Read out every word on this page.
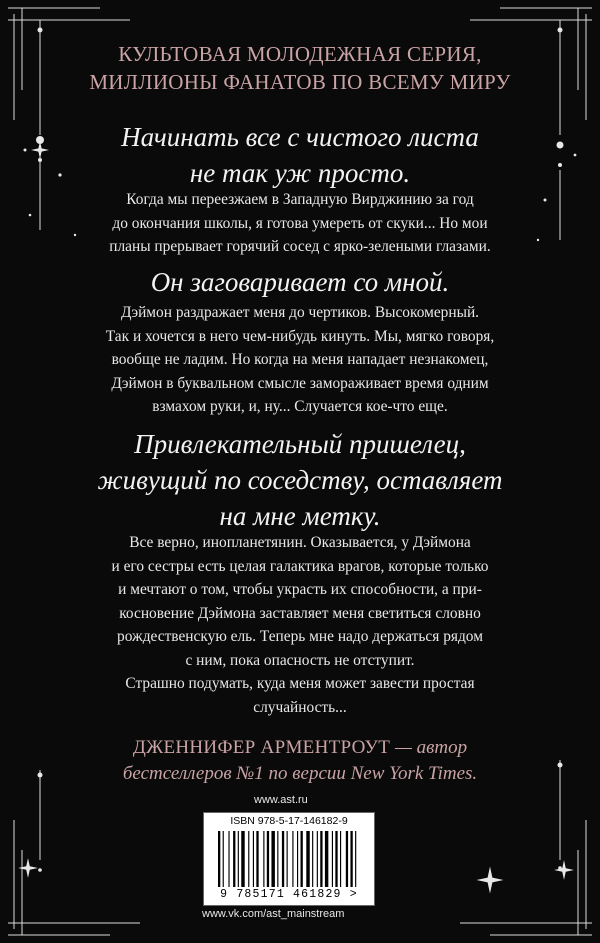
КУЛЬТОВАЯ МОЛОДЕЖНАЯ СЕРИЯ,
МИЛЛИОНЫ ФАНАТОВ ПО ВСЕМУ МИРУ
Начинать все с чистого листа
не так уж просто.

Когда мы переезжаем в Западную Вирджинию за год

до окончания школы, я готова умереть от скуки... Но мои

планы прерывает горячий сосед с ярко-зелеными глазами.

Он заговаривает со мной.

Дэймон раздражает меня до чертиков. Высокомерный.

Так и хочется в него чем-нибудь кинуть. Мы, мягко говоря,

вообще не ладим. Но когда на меня нападает незнакомец,

Дэймон в буквальном смысле замораживает время одним

взмахом руки, и, ну... Случается кое-что еще.

Привлекательный пришелец,
живущий по соседству, оставляет
на мне метку.

Все верно, инопланетянин. Оказывается, у Дэймона

и его сестры есть целая галактика врагов, которые только

и мечтают о том, чтобы украсть их способности, а при-

косновение Дэймона заставляет меня светиться словно

рождественскую ель. Теперь мне надо держаться рядом

с ним, пока опасность не отступит.

Страшно подумать, куда меня может завести простая

случайность...

ДЖЕННИФЕР АРМЕНТРОУТ — автор
бестселлеров №1 по версии New York Times.
www.ast.ru
ISBN 978-5-17-146182-9
9 785171 461829 >
www.vk.com/ast_mainstream
